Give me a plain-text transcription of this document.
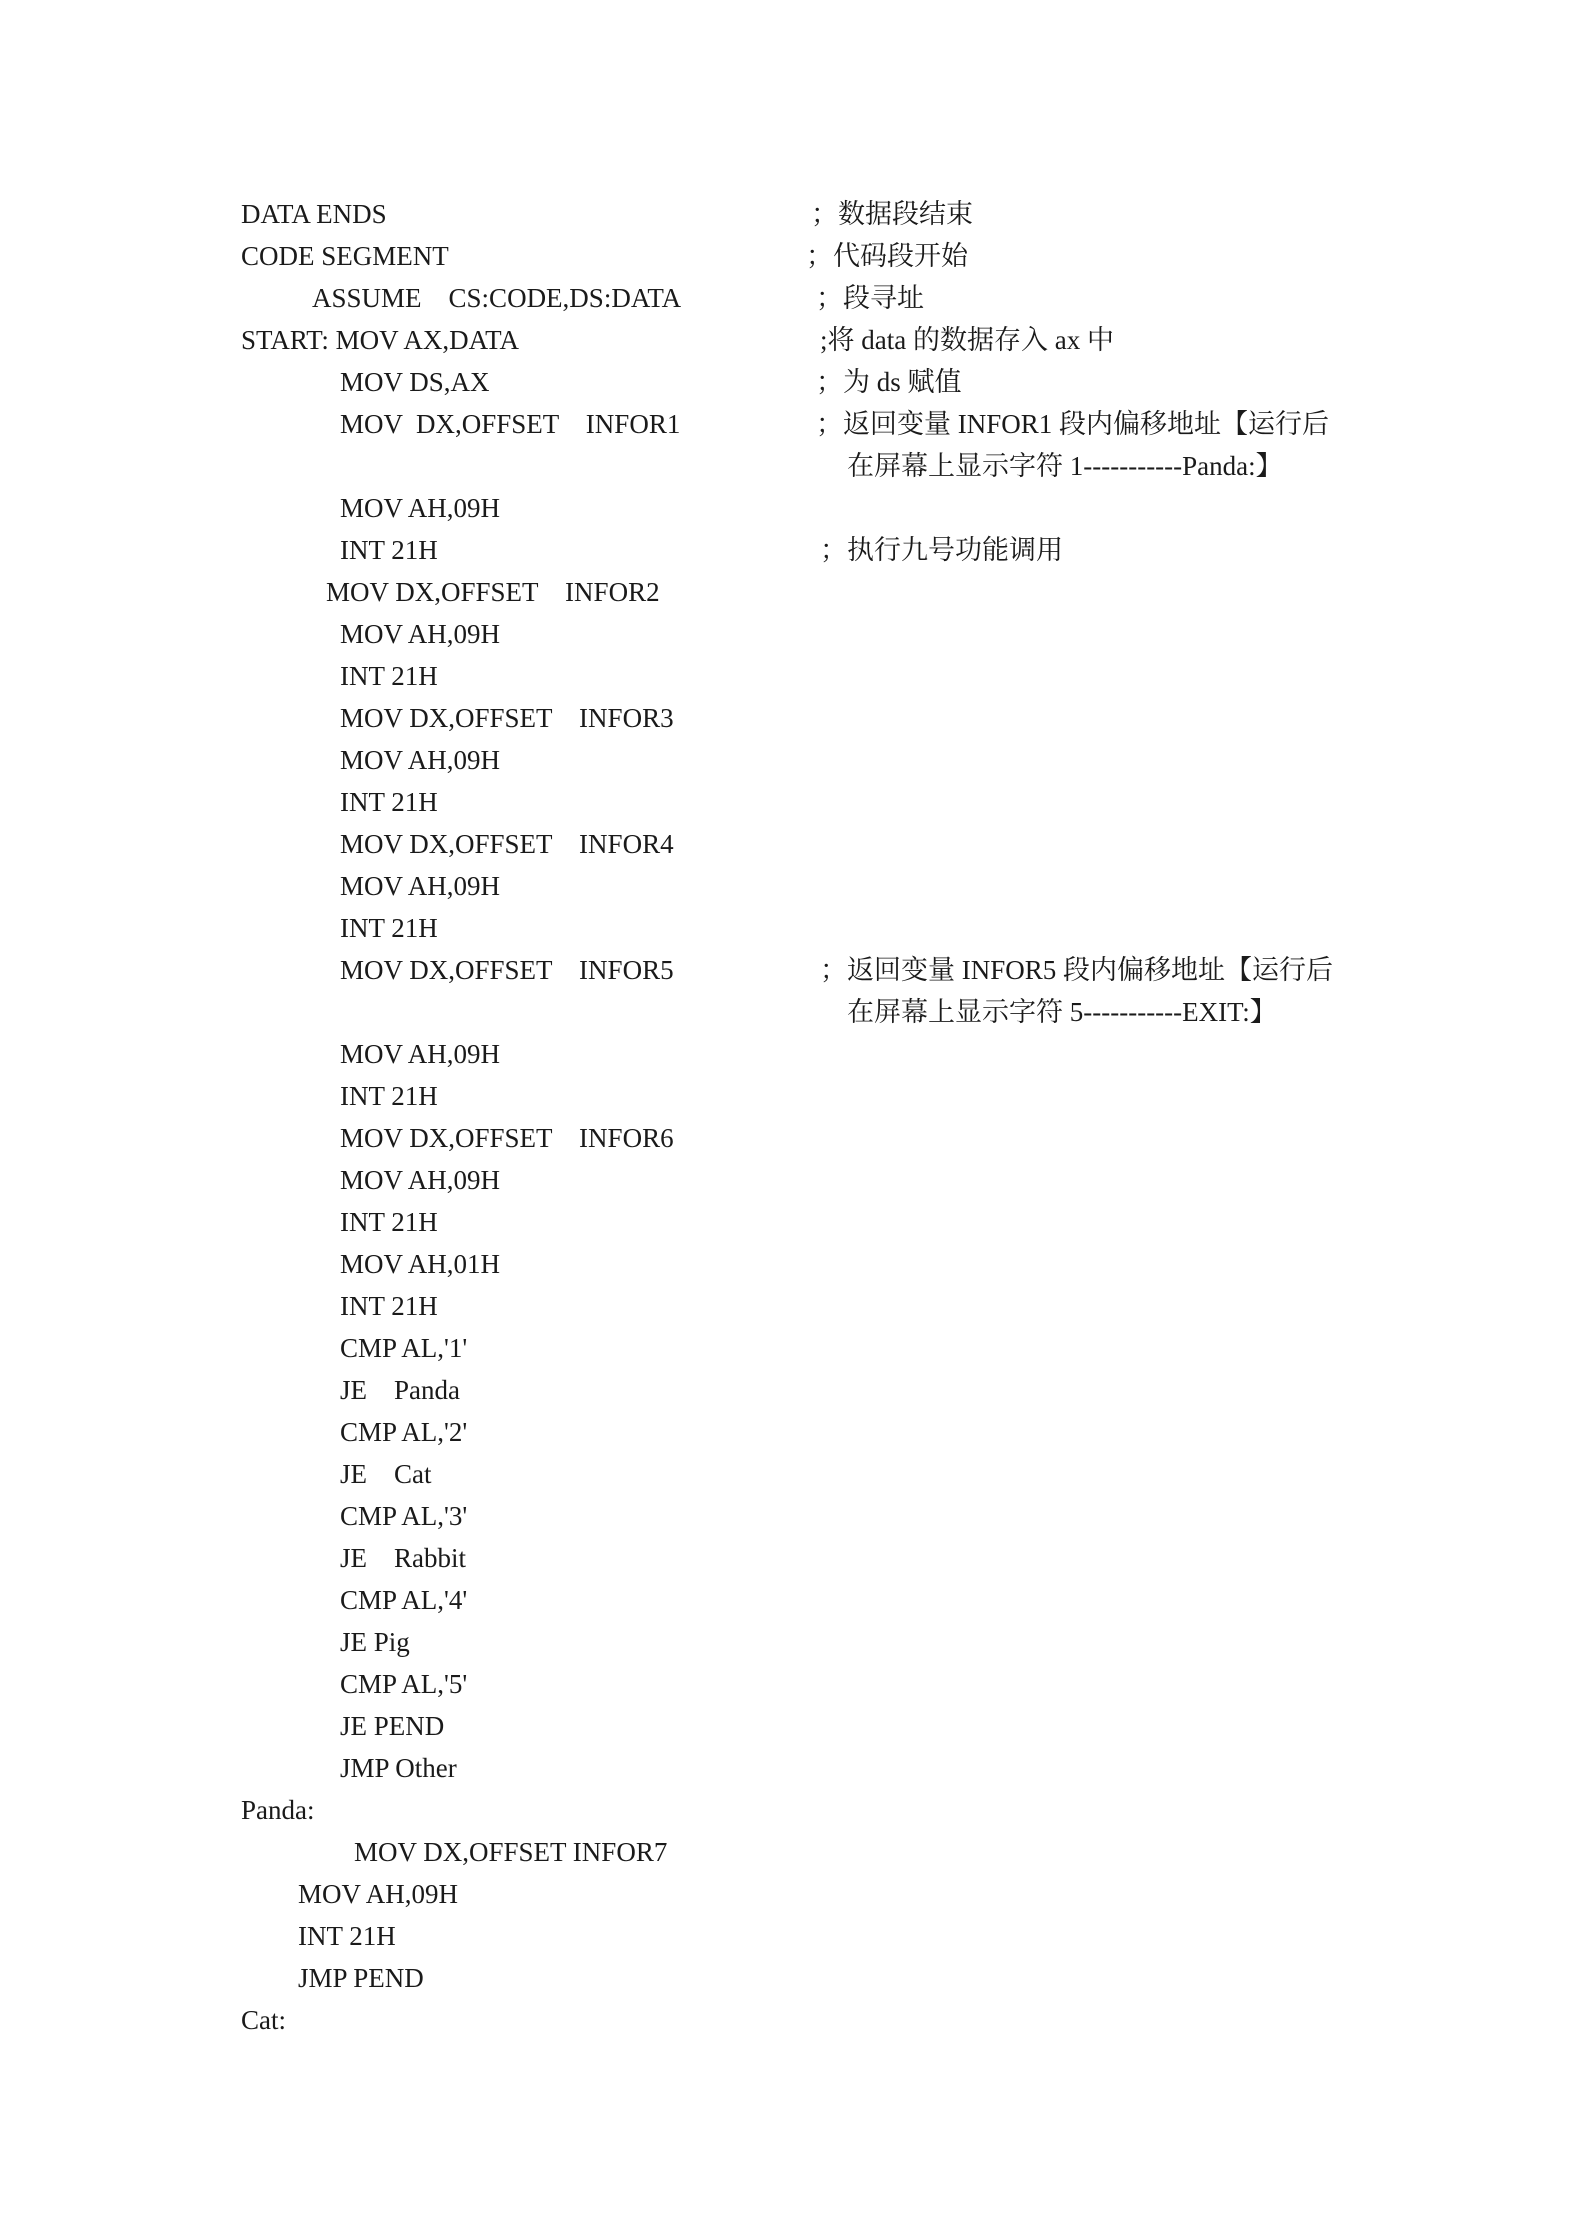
DATA ENDS
CODE SEGMENT
ASSUME    CS:CODE,DS:DATA
START: MOV AX,DATA
MOV DS,AX
MOV  DX,OFFSET    INFOR1
MOV AH,09H
INT 21H
MOV DX,OFFSET    INFOR2
MOV AH,09H
INT 21H
MOV DX,OFFSET    INFOR3
MOV AH,09H
INT 21H
MOV DX,OFFSET    INFOR4
MOV AH,09H
INT 21H
MOV DX,OFFSET    INFOR5
MOV AH,09H
INT 21H
MOV DX,OFFSET    INFOR6
MOV AH,09H
INT 21H
MOV AH,01H
INT 21H
CMP AL,'1'
JE    Panda
CMP AL,'2'
JE    Cat
CMP AL,'3'
JE    Rabbit
CMP AL,'4'
JE Pig
CMP AL,'5'
JE PEND
JMP Other
Panda:
MOV DX,OFFSET INFOR7
MOV AH,09H
INT 21H
JMP PEND
Cat:
；数据段结束
；代码段开始
；段寻址
;将 data 的数据存入 ax 中
；为 ds 赋值
；返回变量 INFOR1 段内偏移地址【运行后
在屏幕上显示字符 1-----------Panda:】
；执行九号功能调用
；返回变量 INFOR5 段内偏移地址【运行后
在屏幕上显示字符 5-----------EXIT:】
